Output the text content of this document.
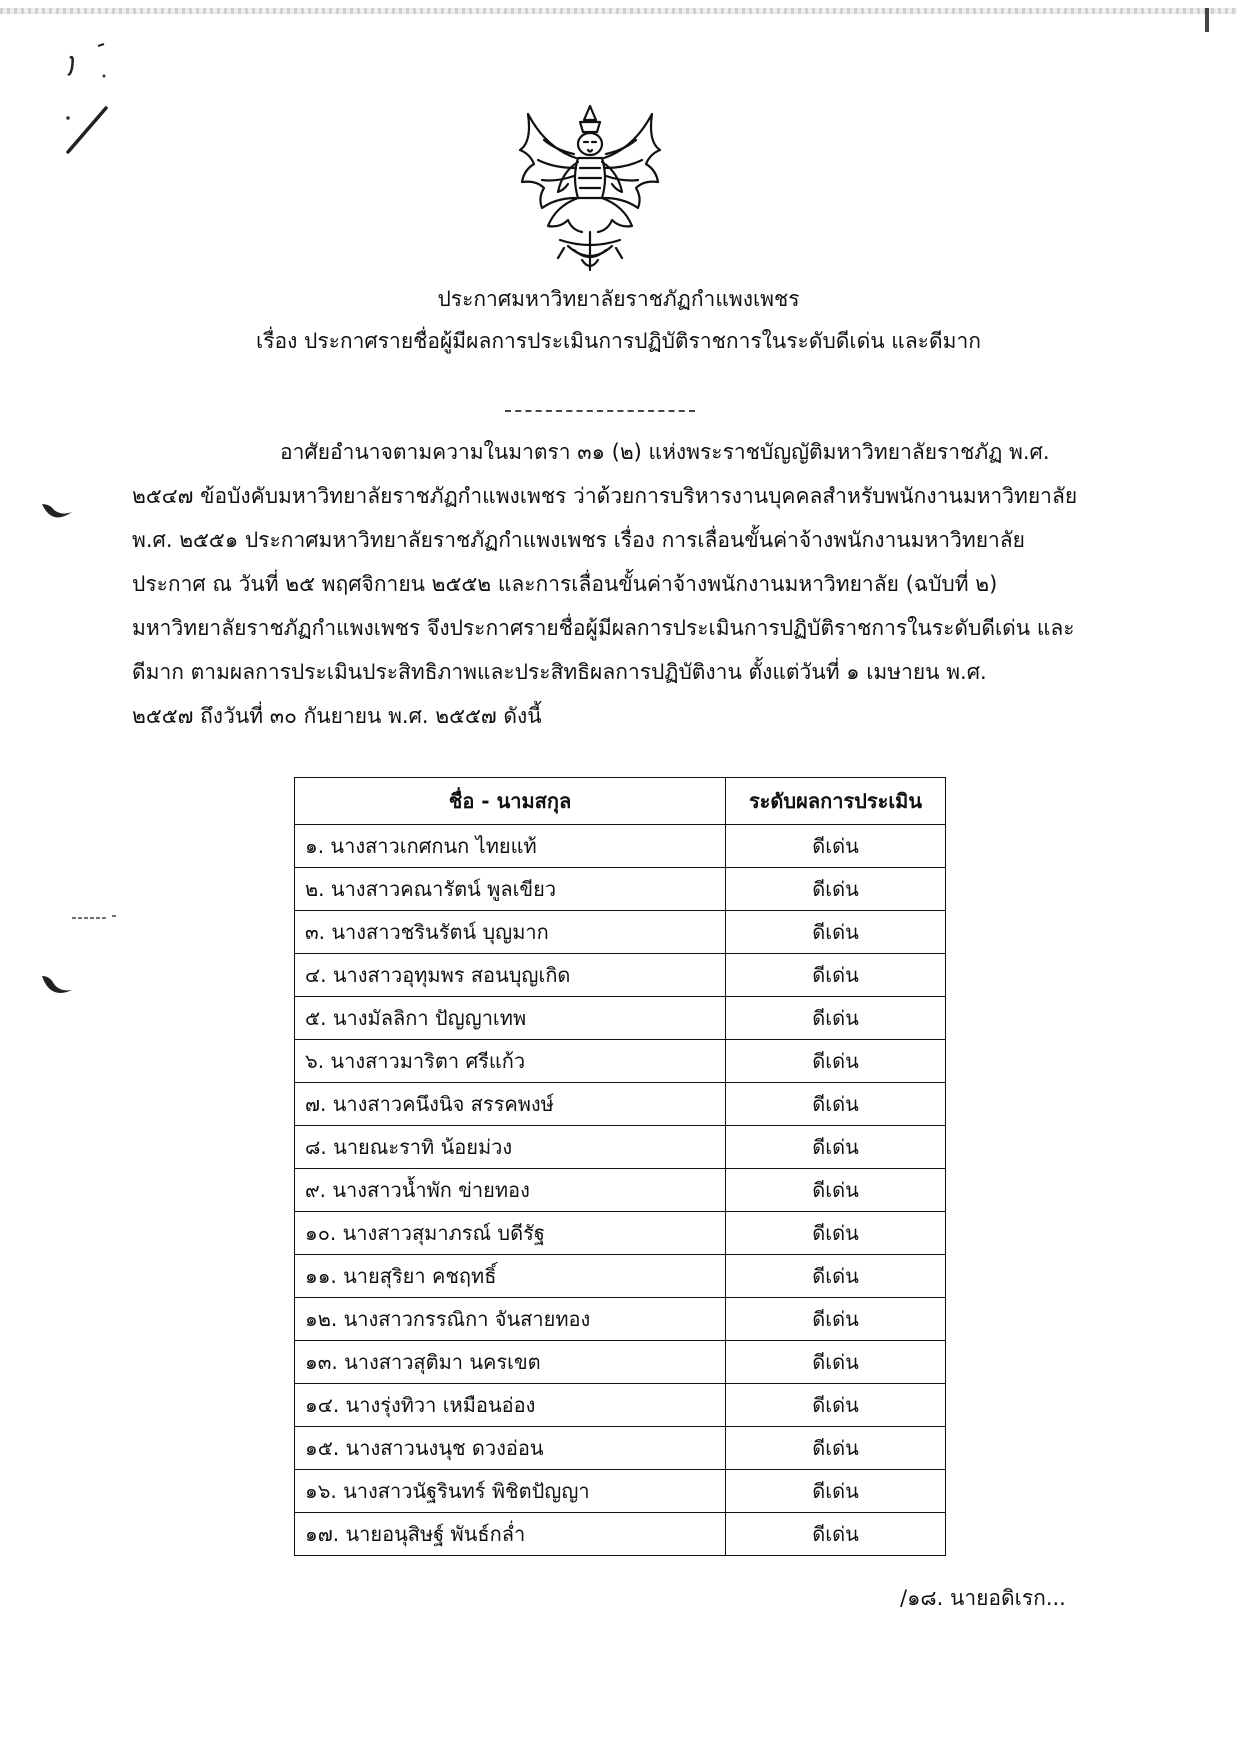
ประกาศมหาวิทยาลัยราชภัฏกำแพงเพชร
เรื่อง ประกาศรายชื่อผู้มีผลการประเมินการปฏิบัติราชการในระดับดีเด่น และดีมาก
อาศัยอำนาจตามความในมาตรา ๓๑ (๒) แห่งพระราชบัญญัติมหาวิทยาลัยราชภัฏ พ.ศ.
๒๕๔๗ ข้อบังคับมหาวิทยาลัยราชภัฏกำแพงเพชร ว่าด้วยการบริหารงานบุคคลสำหรับพนักงานมหาวิทยาลัย
พ.ศ. ๒๕๕๑ ประกาศมหาวิทยาลัยราชภัฏกำแพงเพชร เรื่อง การเลื่อนขั้นค่าจ้างพนักงานมหาวิทยาลัย
ประกาศ ณ วันที่ ๒๕ พฤศจิกายน ๒๕๕๒ และการเลื่อนขั้นค่าจ้างพนักงานมหาวิทยาลัย (ฉบับที่ ๒)
มหาวิทยาลัยราชภัฏกำแพงเพชร จึงประกาศรายชื่อผู้มีผลการประเมินการปฏิบัติราชการในระดับดีเด่น และ
ดีมาก ตามผลการประเมินประสิทธิภาพและประสิทธิผลการปฏิบัติงาน ตั้งแต่วันที่ ๑ เมษายน พ.ศ.
๒๕๕๗ ถึงวันที่ ๓๐ กันยายน พ.ศ. ๒๕๕๗ ดังนี้
ชื่อ - นามสกุล	ระดับผลการประเมิน
๑. นางสาวเกศกนก ไทยแท้	ดีเด่น
๒. นางสาวคณารัตน์ พูลเขียว	ดีเด่น
๓. นางสาวชรินรัตน์ บุญมาก	ดีเด่น
๔. นางสาวอุทุมพร สอนบุญเกิด	ดีเด่น
๕. นางมัลลิกา ปัญญาเทพ	ดีเด่น
๖. นางสาวมาริตา ศรีแก้ว	ดีเด่น
๗. นางสาวคนึงนิจ สรรคพงษ์	ดีเด่น
๘. นายณะราทิ น้อยม่วง	ดีเด่น
๙. นางสาวน้ำพัก ข่ายทอง	ดีเด่น
๑๐. นางสาวสุมาภรณ์ บดีรัฐ	ดีเด่น
๑๑. นายสุริยา คชฤทธิ์	ดีเด่น
๑๒. นางสาวกรรณิกา จันสายทอง	ดีเด่น
๑๓. นางสาวสุติมา นครเขต	ดีเด่น
๑๔. นางรุ่งทิวา เหมือนอ่อง	ดีเด่น
๑๕. นางสาวนงนุช ดวงอ่อน	ดีเด่น
๑๖. นางสาวนัฐรินทร์ พิชิตปัญญา	ดีเด่น
๑๗. นายอนุสิษฐ์ พันธ์กล่ำ	ดีเด่น
/๑๘. นายอดิเรก...
